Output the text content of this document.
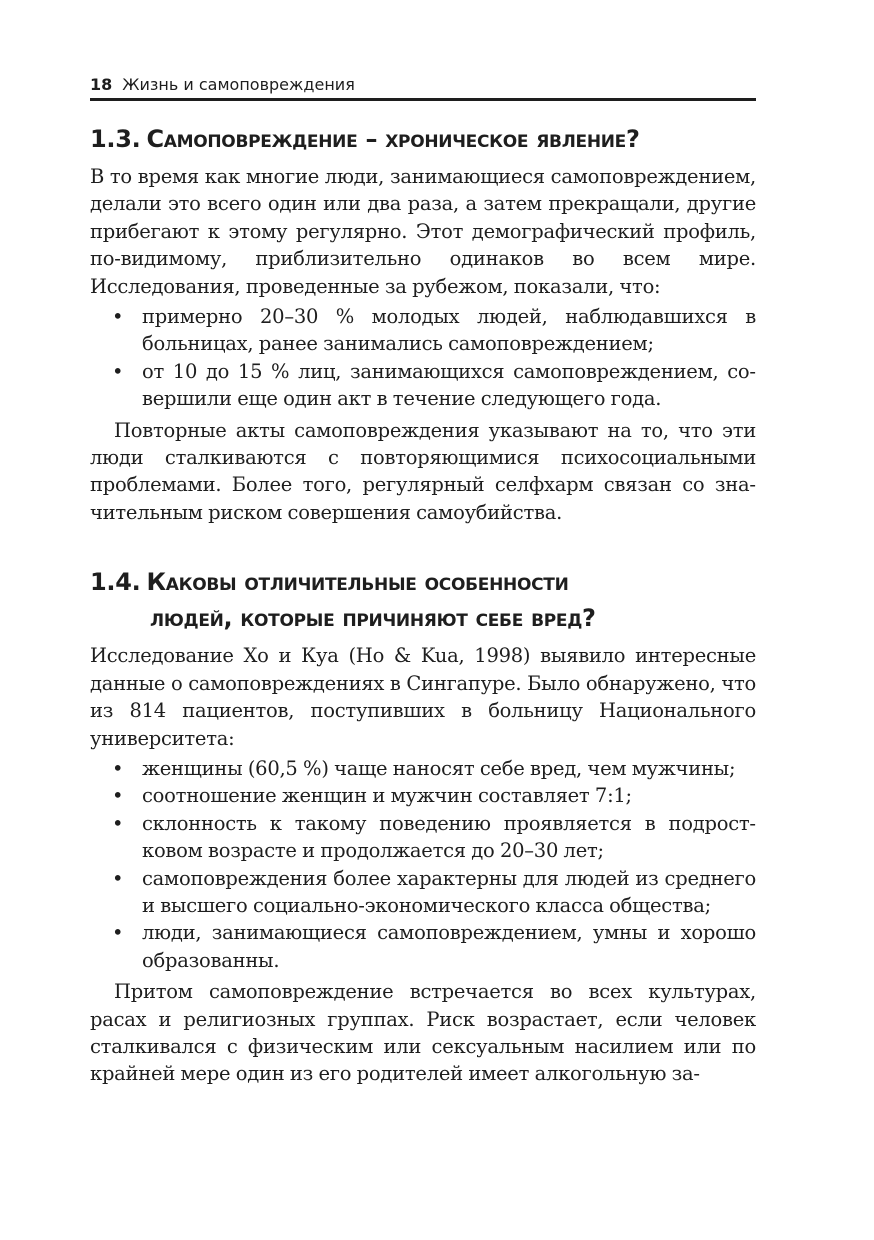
18 Жизнь и самоповреждения
1.3. Самоповреждение – хроническое явление?

В то время как многие люди, занимающиеся самоповреждением, делали это всего один или два раза, а затем прекращали, другие прибегают к этому регулярно. Этот демографический профиль, по-видимому, приблизительно одинаков во всем мире. Исследования, проведенные за рубежом, показали, что:

• примерно 20–30 % молодых людей, наблюдавшихся в больницах, ранее занимались самоповреждением;
• от 10 до 15 % лиц, занимающихся самоповреждением, совершили еще один акт в течение следующего года.

Повторные акты самоповреждения указывают на то, что эти люди сталкиваются с повторяющимися психосоциальными проблемами. Более того, регулярный селфхарм связан со значительным риском совершения самоубийства.

1.4. Каковы отличительные особенности
людей, которые причиняют себе вред?

Исследование Хо и Куа (Ho & Kua, 1998) выявило интересные данные о самоповреждениях в Сингапуре. Было обнаружено, что из 814 пациентов, поступивших в больницу Национального университета:

• женщины (60,5 %) чаще наносят себе вред, чем мужчины;
• соотношение женщин и мужчин составляет 7:1;
• склонность к такому поведению проявляется в подростковом возрасте и продолжается до 20–30 лет;
• самоповреждения более характерны для людей из среднего и высшего социально-экономического класса общества;
• люди, занимающиеся самоповреждением, умны и хорошо образованны.

Притом самоповреждение встречается во всех культурах, расах и религиозных группах. Риск возрастает, если человек сталкивался с физическим или сексуальным насилием или по крайней мере один из его родителей имеет алкогольную за-
